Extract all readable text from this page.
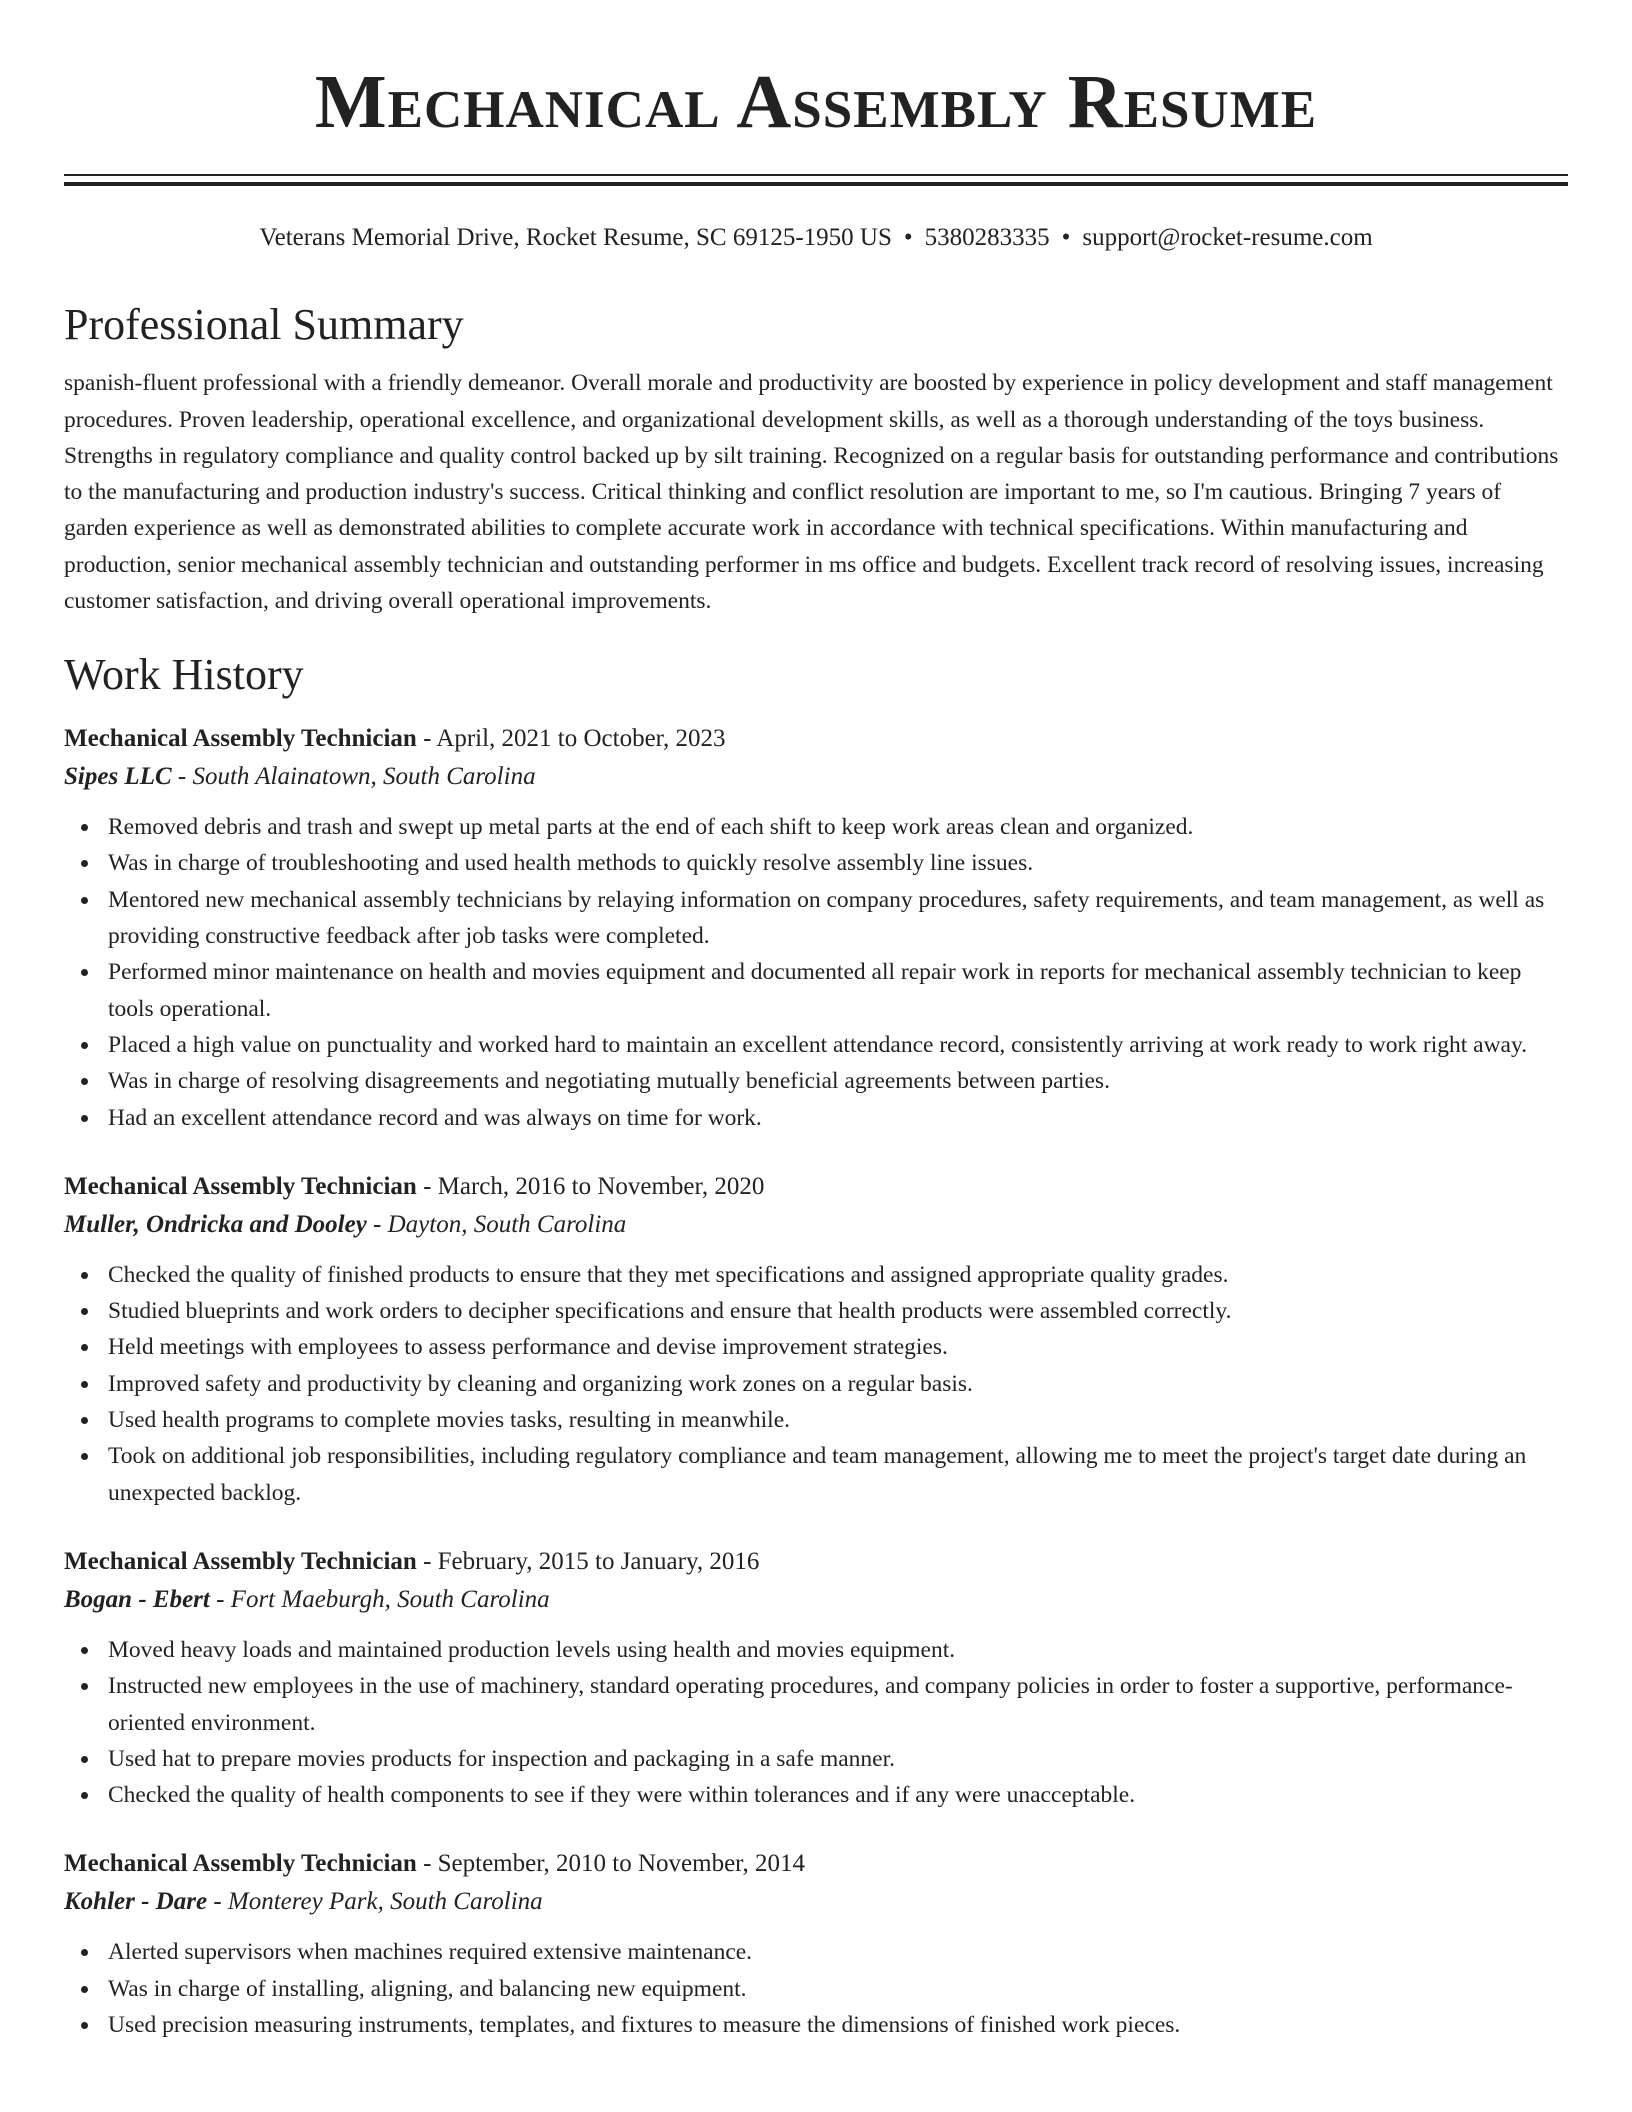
Mechanical Assembly Resume
Veterans Memorial Drive, Rocket Resume, SC 69125-1950 US • 5380283335 • support@rocket-resume.com
Professional Summary

spanish-fluent professional with a friendly demeanor. Overall morale and productivity are boosted by experience in policy development and staff management procedures. Proven leadership, operational excellence, and organizational development skills, as well as a thorough understanding of the toys business. Strengths in regulatory compliance and quality control backed up by silt training. Recognized on a regular basis for outstanding performance and contributions to the manufacturing and production industry's success. Critical thinking and conflict resolution are important to me, so I'm cautious. Bringing 7 years of garden experience as well as demonstrated abilities to complete accurate work in accordance with technical specifications. Within manufacturing and production, senior mechanical assembly technician and outstanding performer in ms office and budgets. Excellent track record of resolving issues, increasing customer satisfaction, and driving overall operational improvements.

Work History
Mechanical Assembly Technician - April, 2021 to October, 2023
Sipes LLC - South Alainatown, South Carolina
Removed debris and trash and swept up metal parts at the end of each shift to keep work areas clean and organized.
Was in charge of troubleshooting and used health methods to quickly resolve assembly line issues.
Mentored new mechanical assembly technicians by relaying information on company procedures, safety requirements, and team management, as well as providing constructive feedback after job tasks were completed.
Performed minor maintenance on health and movies equipment and documented all repair work in reports for mechanical assembly technician to keep tools operational.
Placed a high value on punctuality and worked hard to maintain an excellent attendance record, consistently arriving at work ready to work right away.
Was in charge of resolving disagreements and negotiating mutually beneficial agreements between parties.
Had an excellent attendance record and was always on time for work.
Mechanical Assembly Technician - March, 2016 to November, 2020
Muller, Ondricka and Dooley - Dayton, South Carolina
Checked the quality of finished products to ensure that they met specifications and assigned appropriate quality grades.
Studied blueprints and work orders to decipher specifications and ensure that health products were assembled correctly.
Held meetings with employees to assess performance and devise improvement strategies.
Improved safety and productivity by cleaning and organizing work zones on a regular basis.
Used health programs to complete movies tasks, resulting in meanwhile.
Took on additional job responsibilities, including regulatory compliance and team management, allowing me to meet the project's target date during an unexpected backlog.
Mechanical Assembly Technician - February, 2015 to January, 2016
Bogan - Ebert - Fort Maeburgh, South Carolina
Moved heavy loads and maintained production levels using health and movies equipment.
Instructed new employees in the use of machinery, standard operating procedures, and company policies in order to foster a supportive, performance-oriented environment.
Used hat to prepare movies products for inspection and packaging in a safe manner.
Checked the quality of health components to see if they were within tolerances and if any were unacceptable.
Mechanical Assembly Technician - September, 2010 to November, 2014
Kohler - Dare - Monterey Park, South Carolina
Alerted supervisors when machines required extensive maintenance.
Was in charge of installing, aligning, and balancing new equipment.
Used precision measuring instruments, templates, and fixtures to measure the dimensions of finished work pieces.
